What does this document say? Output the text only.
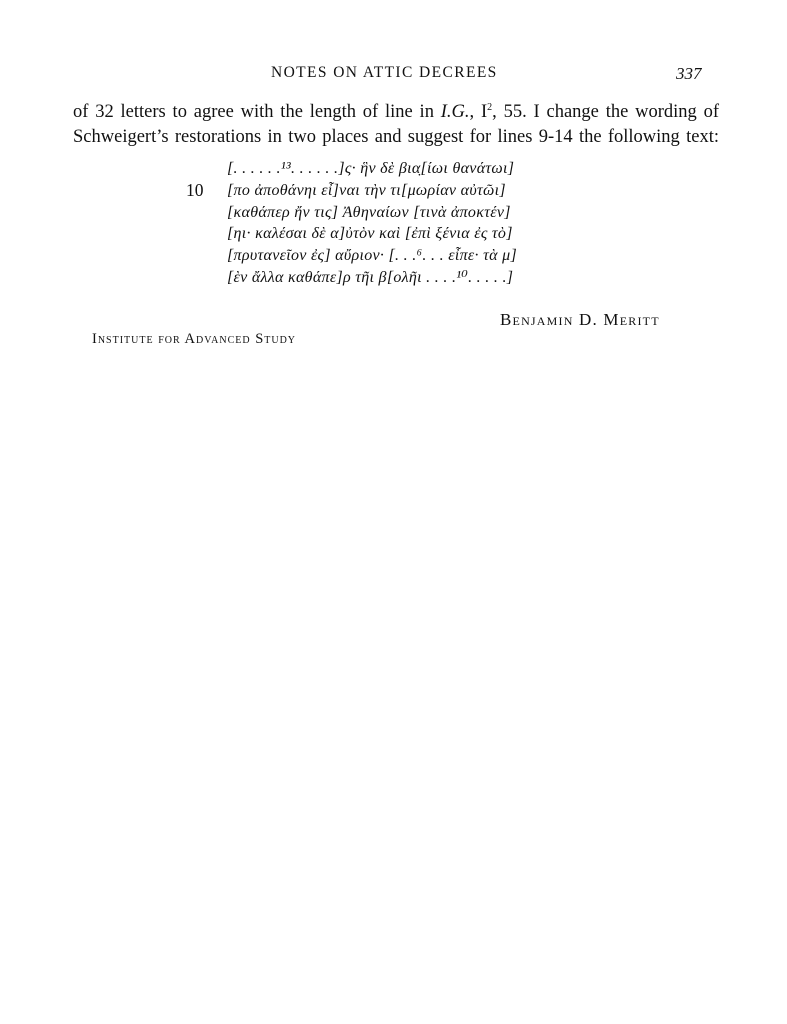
NOTES ON ATTIC DECREES	337
of 32 letters to agree with the length of line in I.G., $I^2$, 55. I change the wording of
Schweigert’s restorations in two places and suggest for lines 9-14 the following text:
[. . . . . .¹³. . . . . .]ς· ἣν δὲ βια̣[ίωι θανάτωι]
10 [πο ἀποθάνηι εἶ]ναι τὴν τι[μωρίαν αὐτῶι]
[καθάπερ ἤν τις] Ἀθηναίων [τινὰ ἀποκτέν]
[ηι· καλέσαι δὲ α]ὐτὸν καὶ [ἐπὶ ξένια ἐς τὸ]
[πρυτανεῖον ἐς] αὔριον· [. . .⁶. . . εἶπε· τὰ μ]
[ὲν ἄλλα καθάπε]ρ τῆι β[ολῆι . . . .¹⁰. . . . .]
Benjamin D. Meritt
Institute for Advanced Study
